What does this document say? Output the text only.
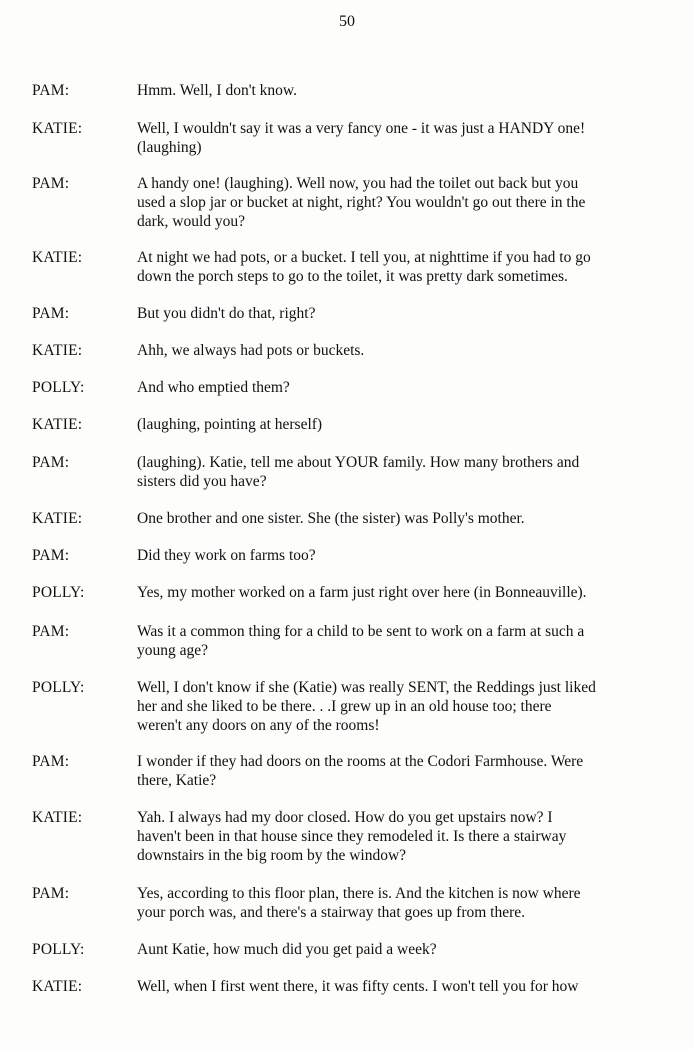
50
PAM:	Hmm. Well, I don't know.
KATIE:	Well, I wouldn't say it was a very fancy one - it was just a HANDY one!
(laughing)
PAM:	A handy one! (laughing). Well now, you had the toilet out back but you
used a slop jar or bucket at night, right? You wouldn't go out there in the
dark, would you?
KATIE:	At night we had pots, or a bucket. I tell you, at nighttime if you had to go
down the porch steps to go to the toilet, it was pretty dark sometimes.
PAM:	But you didn't do that, right?
KATIE:	Ahh, we always had pots or buckets.
POLLY:	And who emptied them?
KATIE:	(laughing, pointing at herself)
PAM:	(laughing). Katie, tell me about YOUR family. How many brothers and
sisters did you have?
KATIE:	One brother and one sister. She (the sister) was Polly's mother.
PAM:	Did they work on farms too?
POLLY:	Yes, my mother worked on a farm just right over here (in Bonneauville).
PAM:	Was it a common thing for a child to be sent to work on a farm at such a
young age?
POLLY:	Well, I don't know if she (Katie) was really SENT, the Reddings just liked
her and she liked to be there. . .I grew up in an old house too; there
weren't any doors on any of the rooms!
PAM:	I wonder if they had doors on the rooms at the Codori Farmhouse. Were
there, Katie?
KATIE:	Yah. I always had my door closed. How do you get upstairs now? I
haven't been in that house since they remodeled it. Is there a stairway
downstairs in the big room by the window?
PAM:	Yes, according to this floor plan, there is. And the kitchen is now where
your porch was, and there's a stairway that goes up from there.
POLLY:	Aunt Katie, how much did you get paid a week?
KATIE:	Well, when I first went there, it was fifty cents. I won't tell you for how
